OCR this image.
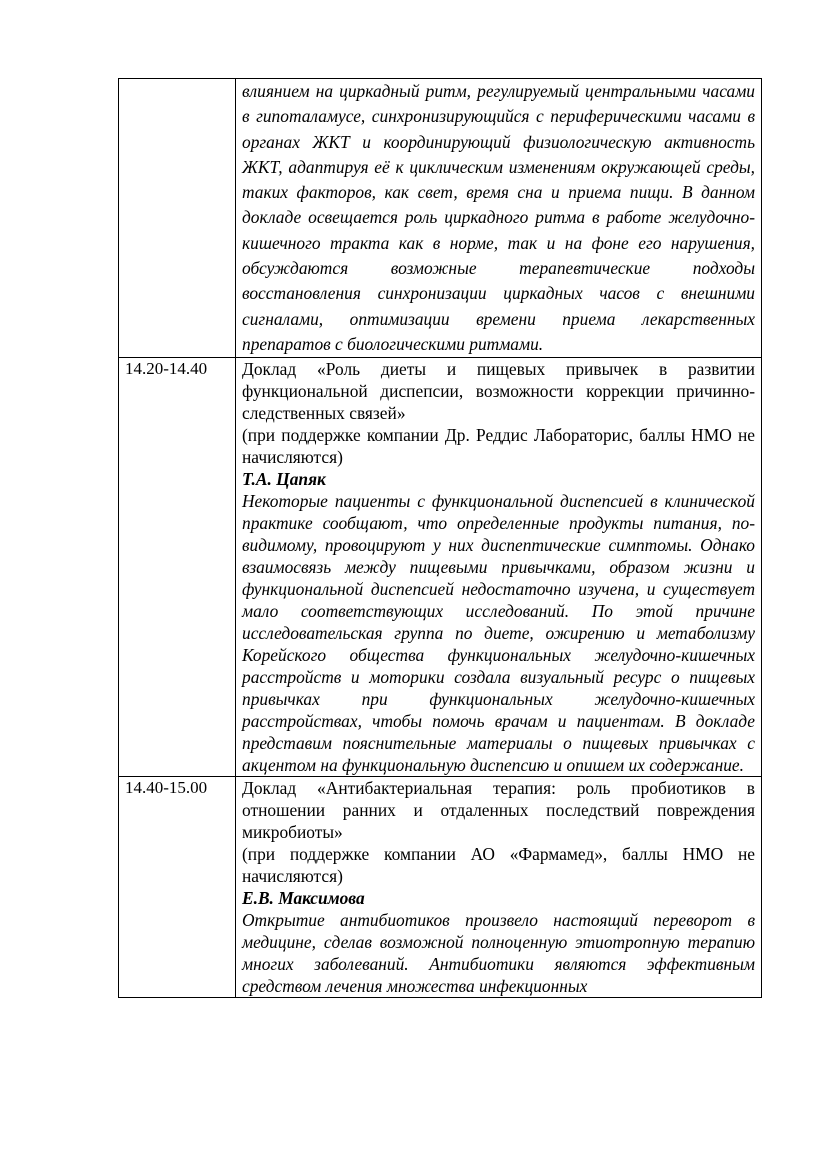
	влиянием на циркадный ритм, регулируемый центральными часами в гипоталамусе, синхронизирующийся с периферическими часами в органах ЖКТ и координирующий физиологическую активность ЖКТ, адаптируя её к циклическим изменениям окружающей среды, таких факторов, как свет, время сна и приема пищи. В данном докладе освещается роль циркадного ритма в работе желудочно-кишечного тракта как в норме, так и на фоне его нарушения, обсуждаются возможные терапевтические подходы восстановления синхронизации циркадных часов с внешними сигналами, оптимизации времени приема лекарственных препаратов с биологическими ритмами.

14.20-14.40	Доклад «Роль диеты и пищевых привычек в развитии функциональной диспепсии, возможности коррекции причинно-следственных связей»

(при поддержке компании Др. Реддис Лабораторис, баллы НМО не начисляются)

Т.А. Цапяк

Некоторые пациенты с функциональной диспепсией в клинической практике сообщают, что определенные продукты питания, по-видимому, провоцируют у них диспептические симптомы. Однако взаимосвязь между пищевыми привычками, образом жизни и функциональной диспепсией недостаточно изучена, и существует мало соответствующих исследований. По этой причине исследовательская группа по диете, ожирению и метаболизму Корейского общества функциональных желудочно-кишечных расстройств и моторики создала визуальный ресурс о пищевых привычках при функциональных желудочно-кишечных расстройствах, чтобы помочь врачам и пациентам. В докладе представим пояснительные материалы о пищевых привычках с акцентом на функциональную диспепсию и опишем их содержание.

14.40-15.00	Доклад «Антибактериальная терапия: роль пробиотиков в отношении ранних и отдаленных последствий повреждения микробиоты»

(при поддержке компании АО «Фармамед», баллы НМО не начисляются)

Е.В. Максимова

Открытие антибиотиков произвело настоящий переворот в медицине, сделав возможной полноценную этиотропную терапию многих заболеваний. Антибиотики являются эффективным средством лечения множества инфекционных
